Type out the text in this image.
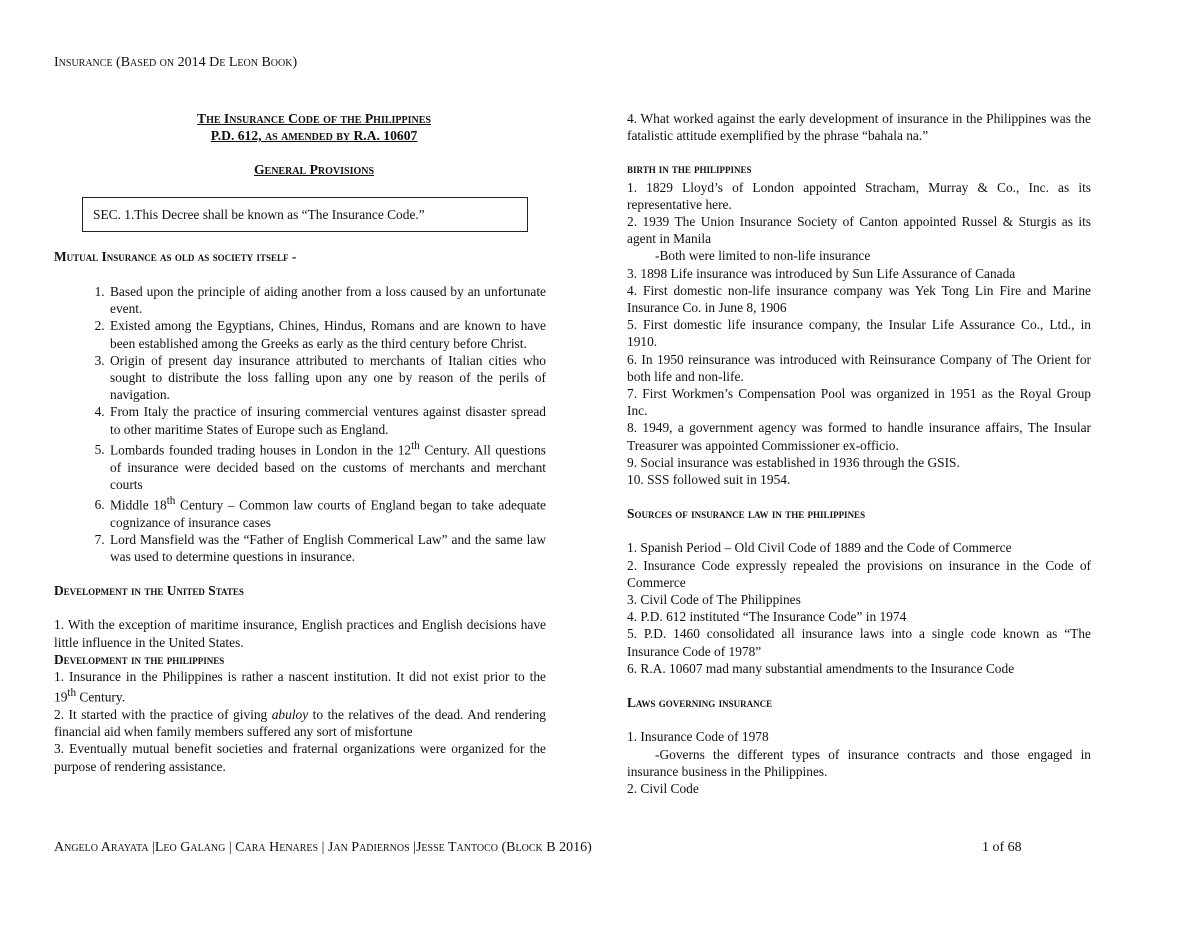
Insurance (Based on 2014 De Leon Book)
The Insurance Code of the Philippines
P.D. 612, as amended by R.A. 10607
General Provisions
SEC. 1.This Decree shall be known as “The Insurance Code.”
Mutual Insurance as old as society itself -
1. Based upon the principle of aiding another from a loss caused by an unfortunate event.
2. Existed among the Egyptians, Chines, Hindus, Romans and are known to have been established among the Greeks as early as the third century before Christ.
3. Origin of present day insurance attributed to merchants of Italian cities who sought to distribute the loss falling upon any one by reason of the perils of navigation.
4. From Italy the practice of insuring commercial ventures against disaster spread to other maritime States of Europe such as England.
5. Lombards founded trading houses in London in the 12th Century. All questions of insurance were decided based on the customs of merchants and merchant courts
6. Middle 18th Century – Common law courts of England began to take adequate cognizance of insurance cases
7. Lord Mansfield was the “Father of English Commerical Law” and the same law was used to determine questions in insurance.
Development in the United States
1. With the exception of maritime insurance, English practices and English decisions have little influence in the United States.
Development in the philippines
1. Insurance in the Philippines is rather a nascent institution. It did not exist prior to the 19th Century.
2. It started with the practice of giving abuloy to the relatives of the dead. And rendering financial aid when family members suffered any sort of misfortune
3. Eventually mutual benefit societies and fraternal organizations were organized for the purpose of rendering assistance.
4. What worked against the early development of insurance in the Philippines was the fatalistic attitude exemplified by the phrase “bahala na.”
birth in the philippines
1. 1829 Lloyd’s of London appointed Stracham, Murray & Co., Inc. as its representative here.
2. 1939 The Union Insurance Society of Canton appointed Russel & Sturgis as its agent in Manila
-Both were limited to non-life insurance
3. 1898 Life insurance was introduced by Sun Life Assurance of Canada
4. First domestic non-life insurance company was Yek Tong Lin Fire and Marine Insurance Co. in June 8, 1906
5. First domestic life insurance company, the Insular Life Assurance Co., Ltd., in 1910.
6. In 1950 reinsurance was introduced with Reinsurance Company of The Orient for both life and non-life.
7. First Workmen’s Compensation Pool was organized in 1951 as the Royal Group Inc.
8. 1949, a government agency was formed to handle insurance affairs, The Insular Treasurer was appointed Commissioner ex-officio.
9. Social insurance was established in 1936 through the GSIS.
10. SSS followed suit in 1954.
Sources of insurance law in the philippines
1. Spanish Period – Old Civil Code of 1889 and the Code of Commerce
2. Insurance Code expressly repealed the provisions on insurance in the Code of Commerce
3. Civil Code of The Philippines
4. P.D. 612 instituted “The Insurance Code” in 1974
5. P.D. 1460 consolidated all insurance laws into a single code known as “The Insurance Code of 1978”
6. R.A. 10607 mad many substantial amendments to the Insurance Code
Laws governing insurance
1. Insurance Code of 1978
-Governs the different types of insurance contracts and those engaged in insurance business in the Philippines.
2. Civil Code
Angelo Arayata |Leo Galang | Cara Henares | Jan Padiernos |Jesse Tantoco (Block B 2016)	1 of 68
